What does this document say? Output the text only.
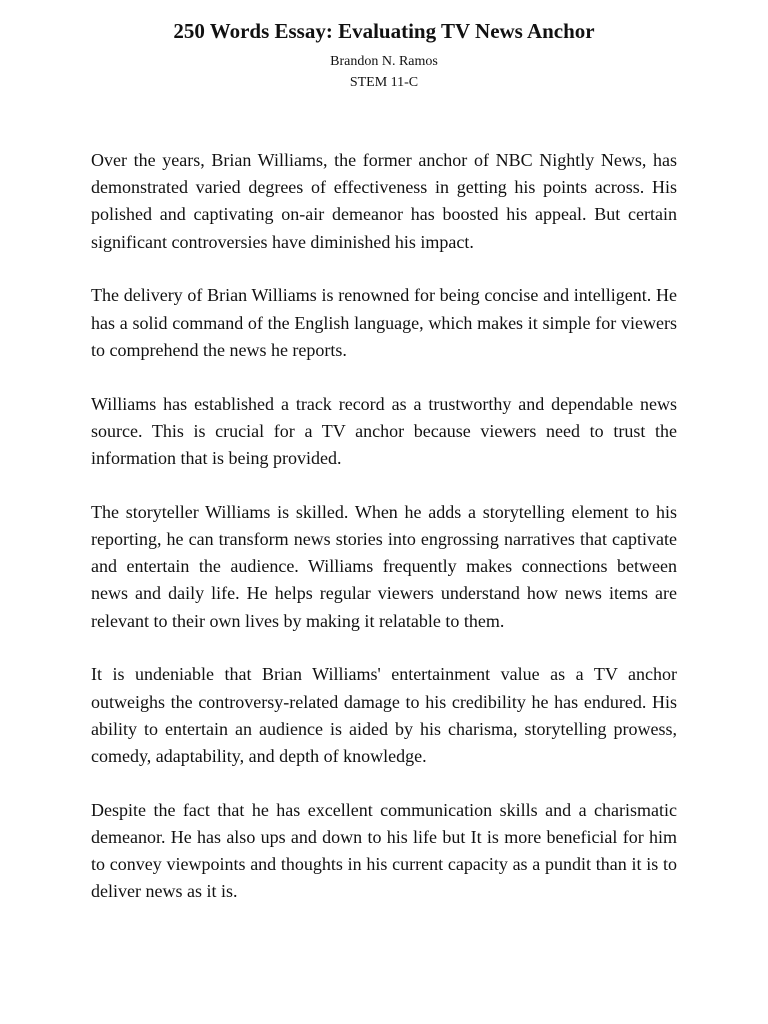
250 Words Essay: Evaluating TV News Anchor
Brandon N. Ramos
STEM 11-C

Over the years, Brian Williams, the former anchor of NBC Nightly News, has demonstrated varied degrees of effectiveness in getting his points across. His polished and captivating on-air demeanor has boosted his appeal. But certain significant controversies have diminished his impact.

The delivery of Brian Williams is renowned for being concise and intelligent. He has a solid command of the English language, which makes it simple for viewers to comprehend the news he reports.

Williams has established a track record as a trustworthy and dependable news source. This is crucial for a TV anchor because viewers need to trust the information that is being provided.

The storyteller Williams is skilled. When he adds a storytelling element to his reporting, he can transform news stories into engrossing narratives that captivate and entertain the audience. Williams frequently makes connections between news and daily life. He helps regular viewers understand how news items are relevant to their own lives by making it relatable to them.

It is undeniable that Brian Williams' entertainment value as a TV anchor outweighs the controversy-related damage to his credibility he has endured. His ability to entertain an audience is aided by his charisma, storytelling prowess, comedy, adaptability, and depth of knowledge.

Despite the fact that he has excellent communication skills and a charismatic demeanor. He has also ups and down to his life but It is more beneficial for him to convey viewpoints and thoughts in his current capacity as a pundit than it is to deliver news as it is.
